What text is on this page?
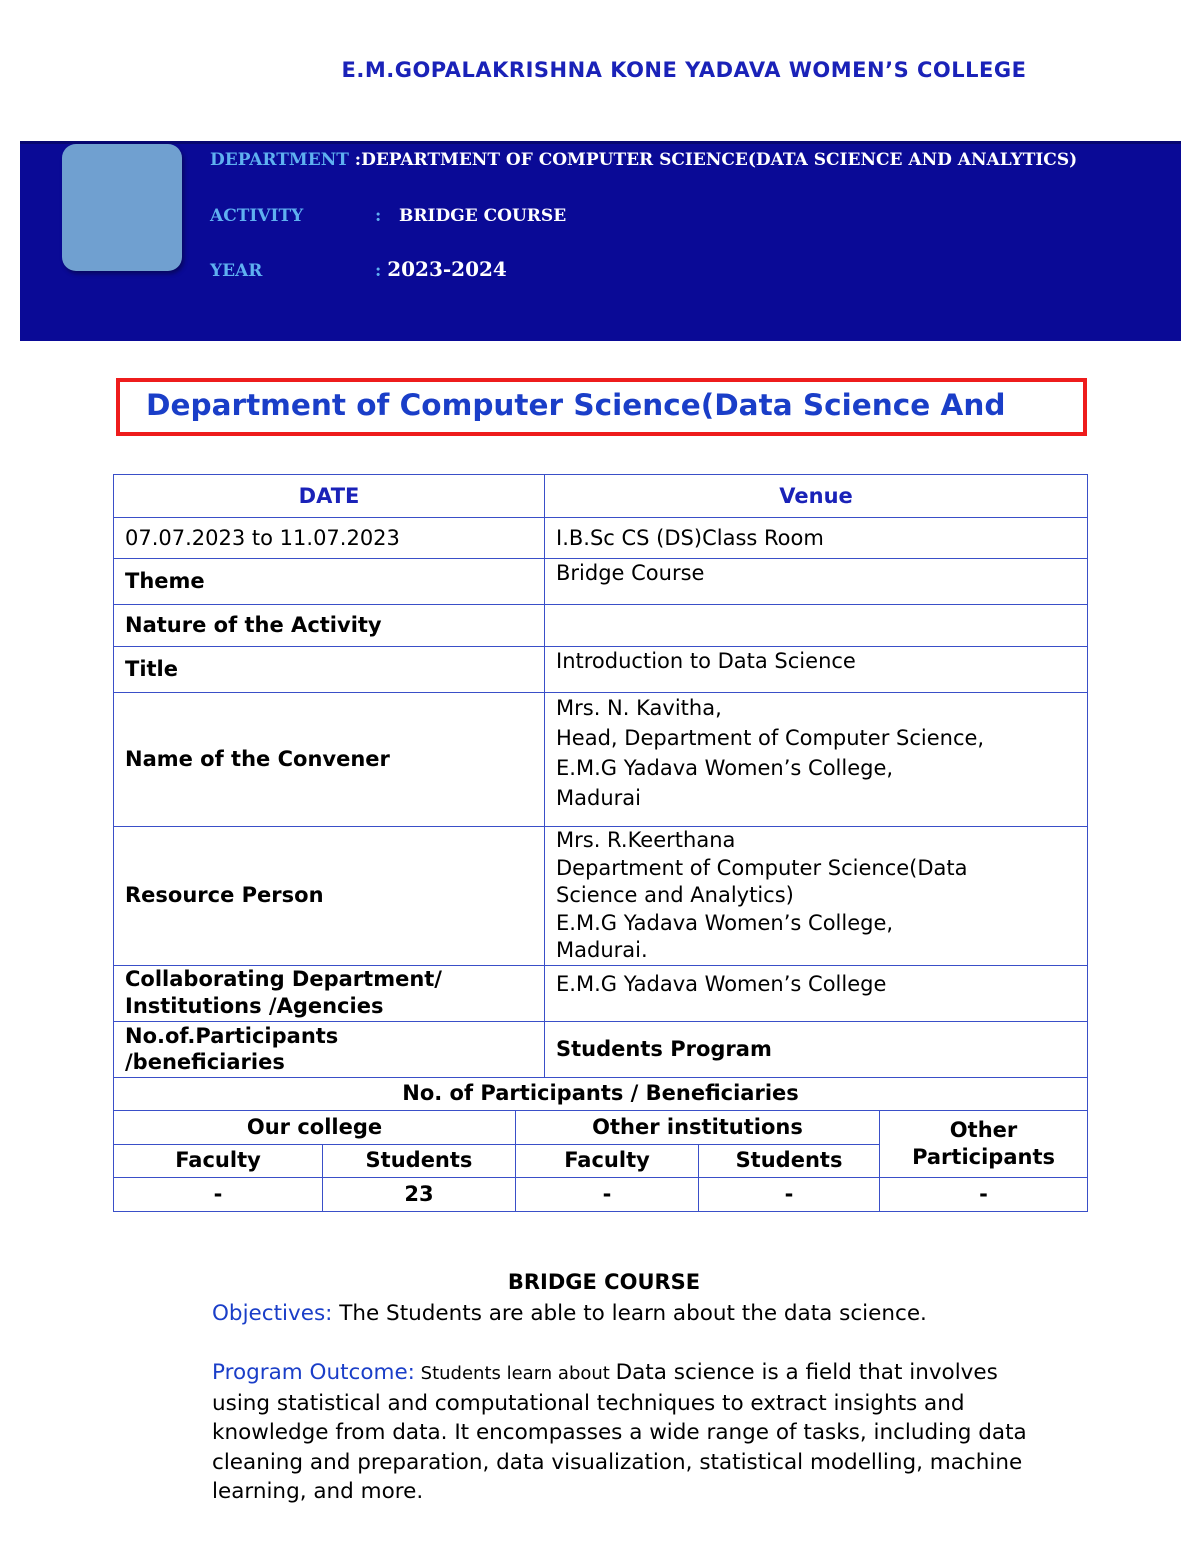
E.M.GOPALAKRISHNA KONE YADAVA WOMEN’S COLLEGE
DEPARTMENT :DEPARTMENT OF COMPUTER SCIENCE(DATA SCIENCE AND ANALYTICS)
ACTIVITY	: BRIDGE COURSE
YEAR	: 2023-2024
Department of Computer Science(Data Science And
DATE			Venue		
07.07.2023 to 11.07.2023			I.B.Sc CS (DS)Class Room		
Theme			Bridge Course		
Nature of the Activity					
Title			Introduction to Data Science		
Name of the Convener			Mrs. N. Kavitha,
Head, Department of Computer Science,
E.M.G Yadava Women’s College,
Madurai		

Resource Person			Mrs. R.Keerthana
Department of Computer Science(Data
Science and Analytics)
E.M.G Yadava Women’s College,
Madurai.		

Collaborating Department/
Institutions /Agencies			E.M.G Yadava Women’s College		

No.of.Participants
/beneficiaries			Students Program		
No. of Participants / Beneficiaries					
Our college		Other institutions			Other
Participants

Faculty	Students	Faculty		Students	
-	23	-		-	-
BRIDGE COURSE
Objectives: The Students are able to learn about the data science.
Program Outcome: Students learn about Data science is a field that involves using statistical and computational techniques to extract insights and knowledge from data. It encompasses a wide range of tasks, including data cleaning and preparation, data visualization, statistical modelling, machine learning, and more.
